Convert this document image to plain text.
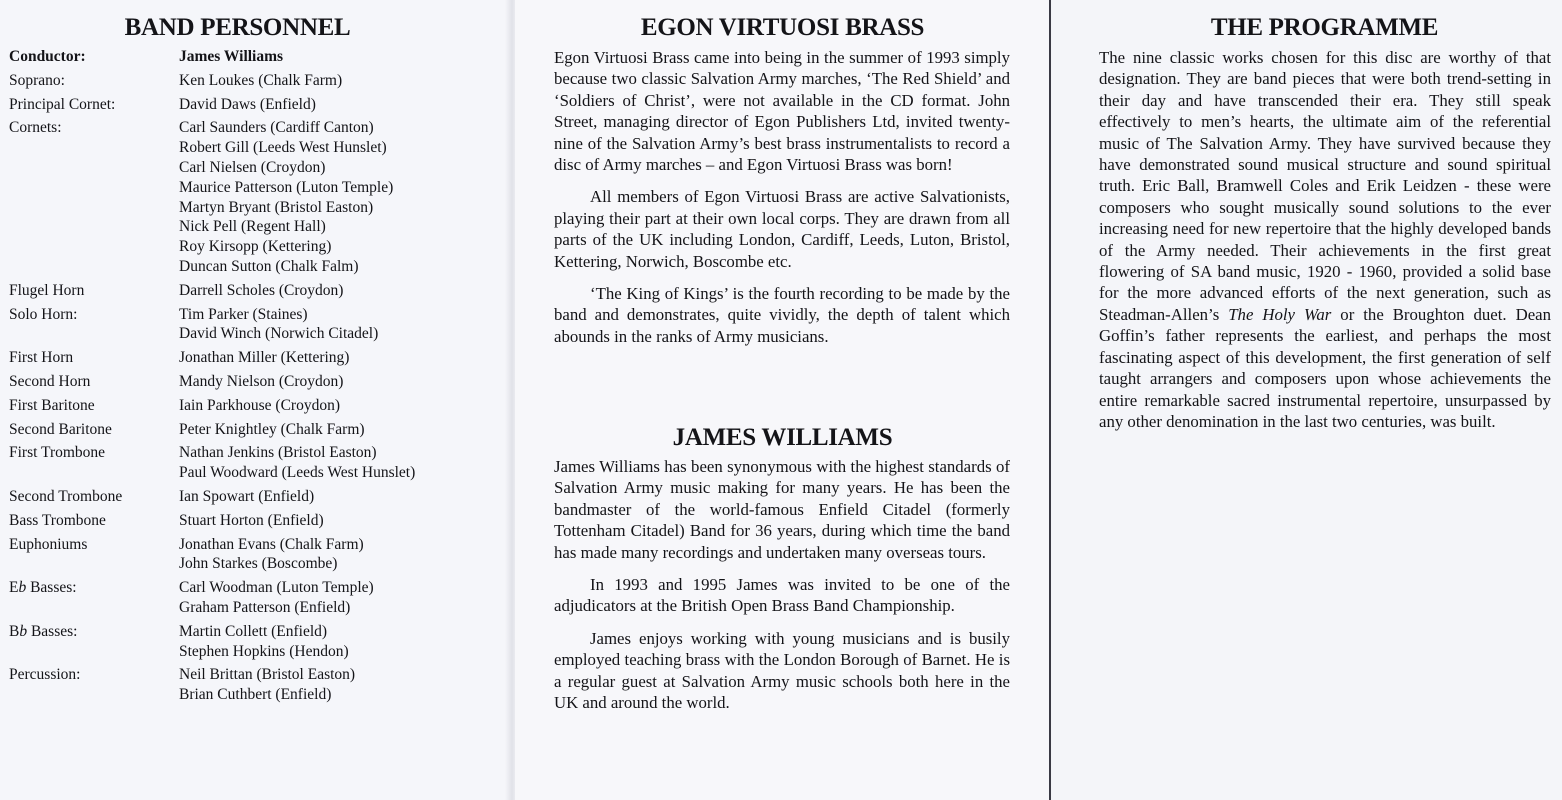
BAND PERSONNEL
Conductor:	James Williams
Soprano:	Ken Loukes (Chalk Farm)
Principal Cornet:	David Daws (Enfield)
Cornets:	Carl Saunders (Cardiff Canton)
Robert Gill (Leeds West Hunslet)
Carl Nielsen (Croydon)
Maurice Patterson (Luton Temple)
Martyn Bryant (Bristol Easton)
Nick Pell (Regent Hall)
Roy Kirsopp (Kettering)
Duncan Sutton (Chalk Falm)
Flugel Horn	Darrell Scholes (Croydon)
Solo Horn:	Tim Parker (Staines)
David Winch (Norwich Citadel)
First Horn	Jonathan Miller (Kettering)
Second Horn	Mandy Nielson (Croydon)
First Baritone	Iain Parkhouse (Croydon)
Second Baritone	Peter Knightley (Chalk Farm)
First Trombone	Nathan Jenkins (Bristol Easton)
Paul Woodward (Leeds West Hunslet)
Second Trombone	Ian Spowart (Enfield)
Bass Trombone	Stuart Horton (Enfield)
Euphoniums	Jonathan Evans (Chalk Farm)
John Starkes (Boscombe)
Eb Basses:	Carl Woodman (Luton Temple)
Graham Patterson (Enfield)
Bb Basses:	Martin Collett (Enfield)
Stephen Hopkins (Hendon)
Percussion:	Neil Brittan (Bristol Easton)
Brian Cuthbert (Enfield)
EGON VIRTUOSI BRASS

Egon Virtuosi Brass came into being in the summer of 1993 simply because two classic Salvation Army marches, ‘The Red Shield’ and ‘Soldiers of Christ’, were not available in the CD format. John Street, managing director of Egon Publishers Ltd, invited twenty-nine of the Salvation Army’s best brass instrumentalists to record a disc of Army marches – and Egon Virtuosi Brass was born!

All members of Egon Virtuosi Brass are active Salvationists, playing their part at their own local corps. They are drawn from all parts of the UK including London, Cardiff, Leeds, Luton, Bristol, Kettering, Norwich, Boscombe etc.

‘The King of Kings’ is the fourth recording to be made by the band and demonstrates, quite vividly, the depth of talent which abounds in the ranks of Army musicians.

JAMES WILLIAMS

James Williams has been synonymous with the highest standards of Salvation Army music making for many years. He has been the bandmaster of the world-famous Enfield Citadel (formerly Tottenham Citadel) Band for 36 years, during which time the band has made many recordings and undertaken many overseas tours.

In 1993 and 1995 James was invited to be one of the adjudicators at the British Open Brass Band Championship.

James enjoys working with young musicians and is busily employed teaching brass with the London Borough of Barnet. He is a regular guest at Salvation Army music schools both here in the UK and around the world.

THE PROGRAMME

The nine classic works chosen for this disc are worthy of that designation. They are band pieces that were both trend-setting in their day and have transcended their era. They still speak effectively to men’s hearts, the ultimate aim of the referential music of The Salvation Army. They have survived because they have demonstrated sound musical structure and sound spiritual truth. Eric Ball, Bramwell Coles and Erik Leidzen - these were composers who sought musically sound solutions to the ever increasing need for new repertoire that the highly developed bands of the Army needed. Their achievements in the first great flowering of SA band music, 1920 - 1960, provided a solid base for the more advanced efforts of the next generation, such as Steadman-Allen’s The Holy War or the Broughton duet. Dean Goffin’s father represents the earliest, and perhaps the most fascinating aspect of this development, the first generation of self taught arrangers and composers upon whose achievements the entire remarkable sacred instrumental repertoire, unsurpassed by any other denomination in the last two centuries, was built.
